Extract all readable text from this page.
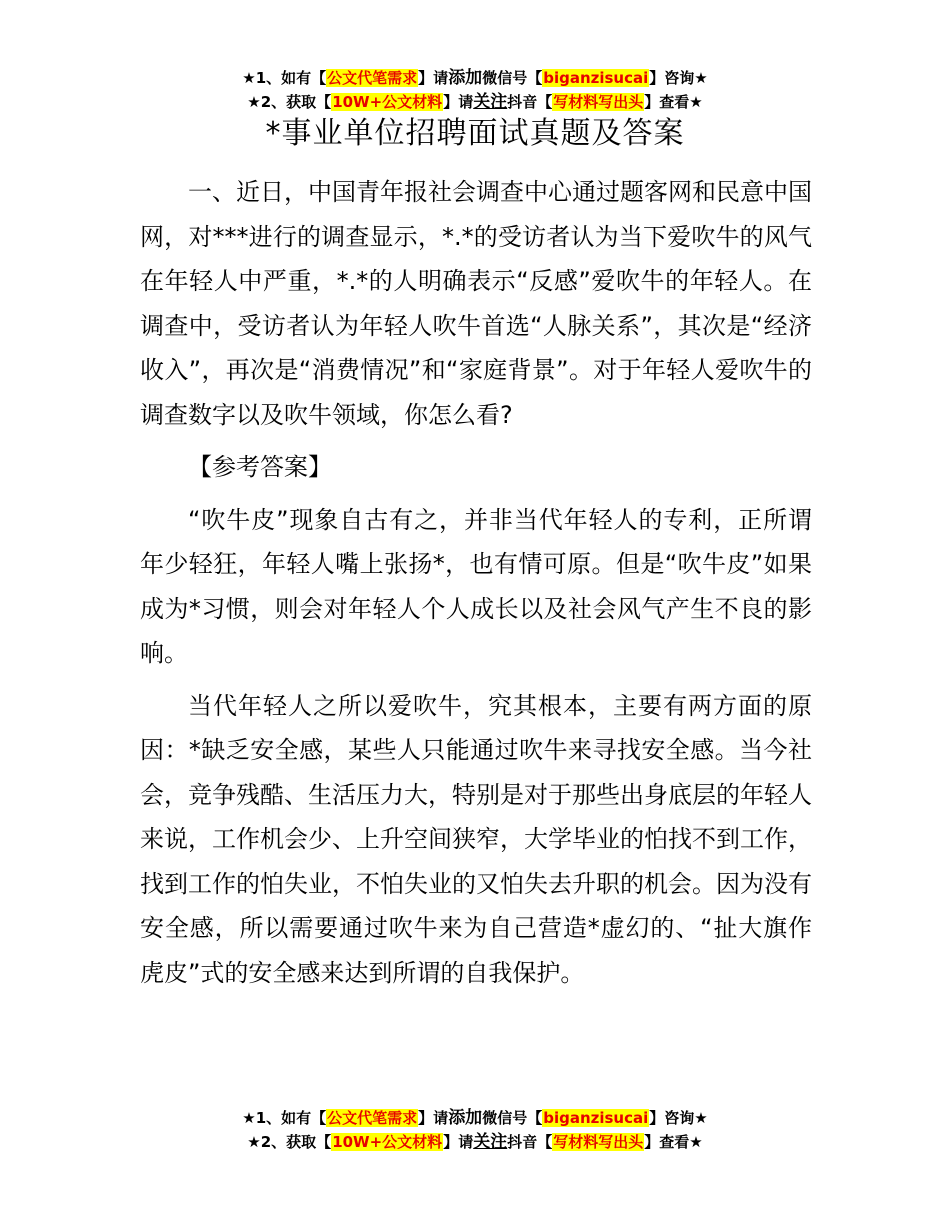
★1、如有【公文代笔需求】请添加微信号【biganzisucai】咨询★
★2、获取【10W+公文材料】请关注抖音【写材料写出头】查看★
*事业单位招聘面试真题及答案

一、近日，中国青年报社会调查中心通过题客网和民意中国网，对***进行的调查显示，*.*的受访者认为当下爱吹牛的风气在年轻人中严重，*.*的人明确表示“反感”爱吹牛的年轻人。在调查中，受访者认为年轻人吹牛首选“人脉关系”，其次是“经济收入”，再次是“消费情况”和“家庭背景”。对于年轻人爱吹牛的调查数字以及吹牛领域，你怎么看?

【参考答案】

“吹牛皮”现象自古有之，并非当代年轻人的专利，正所谓年少轻狂，年轻人嘴上张扬*，也有情可原。但是“吹牛皮”如果成为*习惯，则会对年轻人个人成长以及社会风气产生不良的影响。

当代年轻人之所以爱吹牛，究其根本，主要有两方面的原因：*缺乏安全感，某些人只能通过吹牛来寻找安全感。当今社会，竞争残酷、生活压力大，特别是对于那些出身底层的年轻人来说，工作机会少、上升空间狭窄，大学毕业的怕找不到工作，找到工作的怕失业，不怕失业的又怕失去升职的机会。因为没有安全感，所以需要通过吹牛来为自己营造*虚幻的、“扯大旗作虎皮”式的安全感来达到所谓的自我保护。

★1、如有【公文代笔需求】请添加微信号【biganzisucai】咨询★
★2、获取【10W+公文材料】请关注抖音【写材料写出头】查看★
